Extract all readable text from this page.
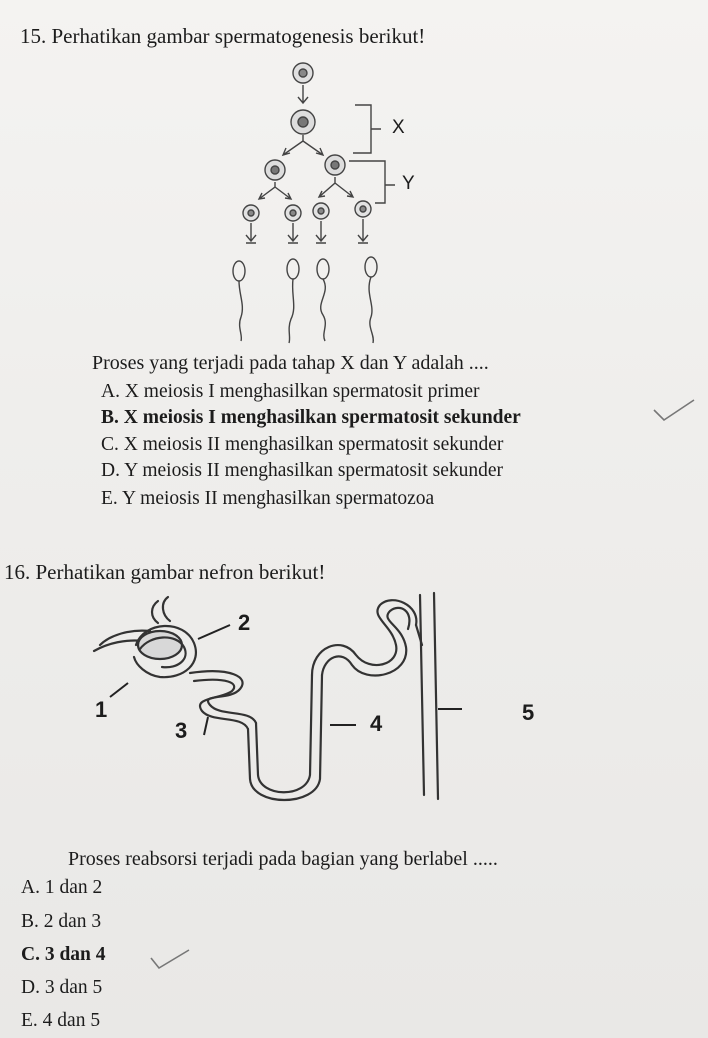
15. Perhatikan gambar spermatogenesis berikut!
X
Y
Proses yang terjadi pada tahap X dan Y adalah ....
A. X meiosis I menghasilkan spermatosit primer
B. X meiosis I menghasilkan spermatosit sekunder
C. X meiosis II menghasilkan spermatosit sekunder
D. Y meiosis II menghasilkan spermatosit sekunder
E. Y meiosis II menghasilkan spermatozoa
16. Perhatikan gambar nefron berikut!
2
1
3	4	5
Proses reabsorsi terjadi pada bagian yang berlabel .....
A. 1 dan 2
B. 2 dan 3
C. 3 dan 4
D. 3 dan 5
E. 4 dan 5
